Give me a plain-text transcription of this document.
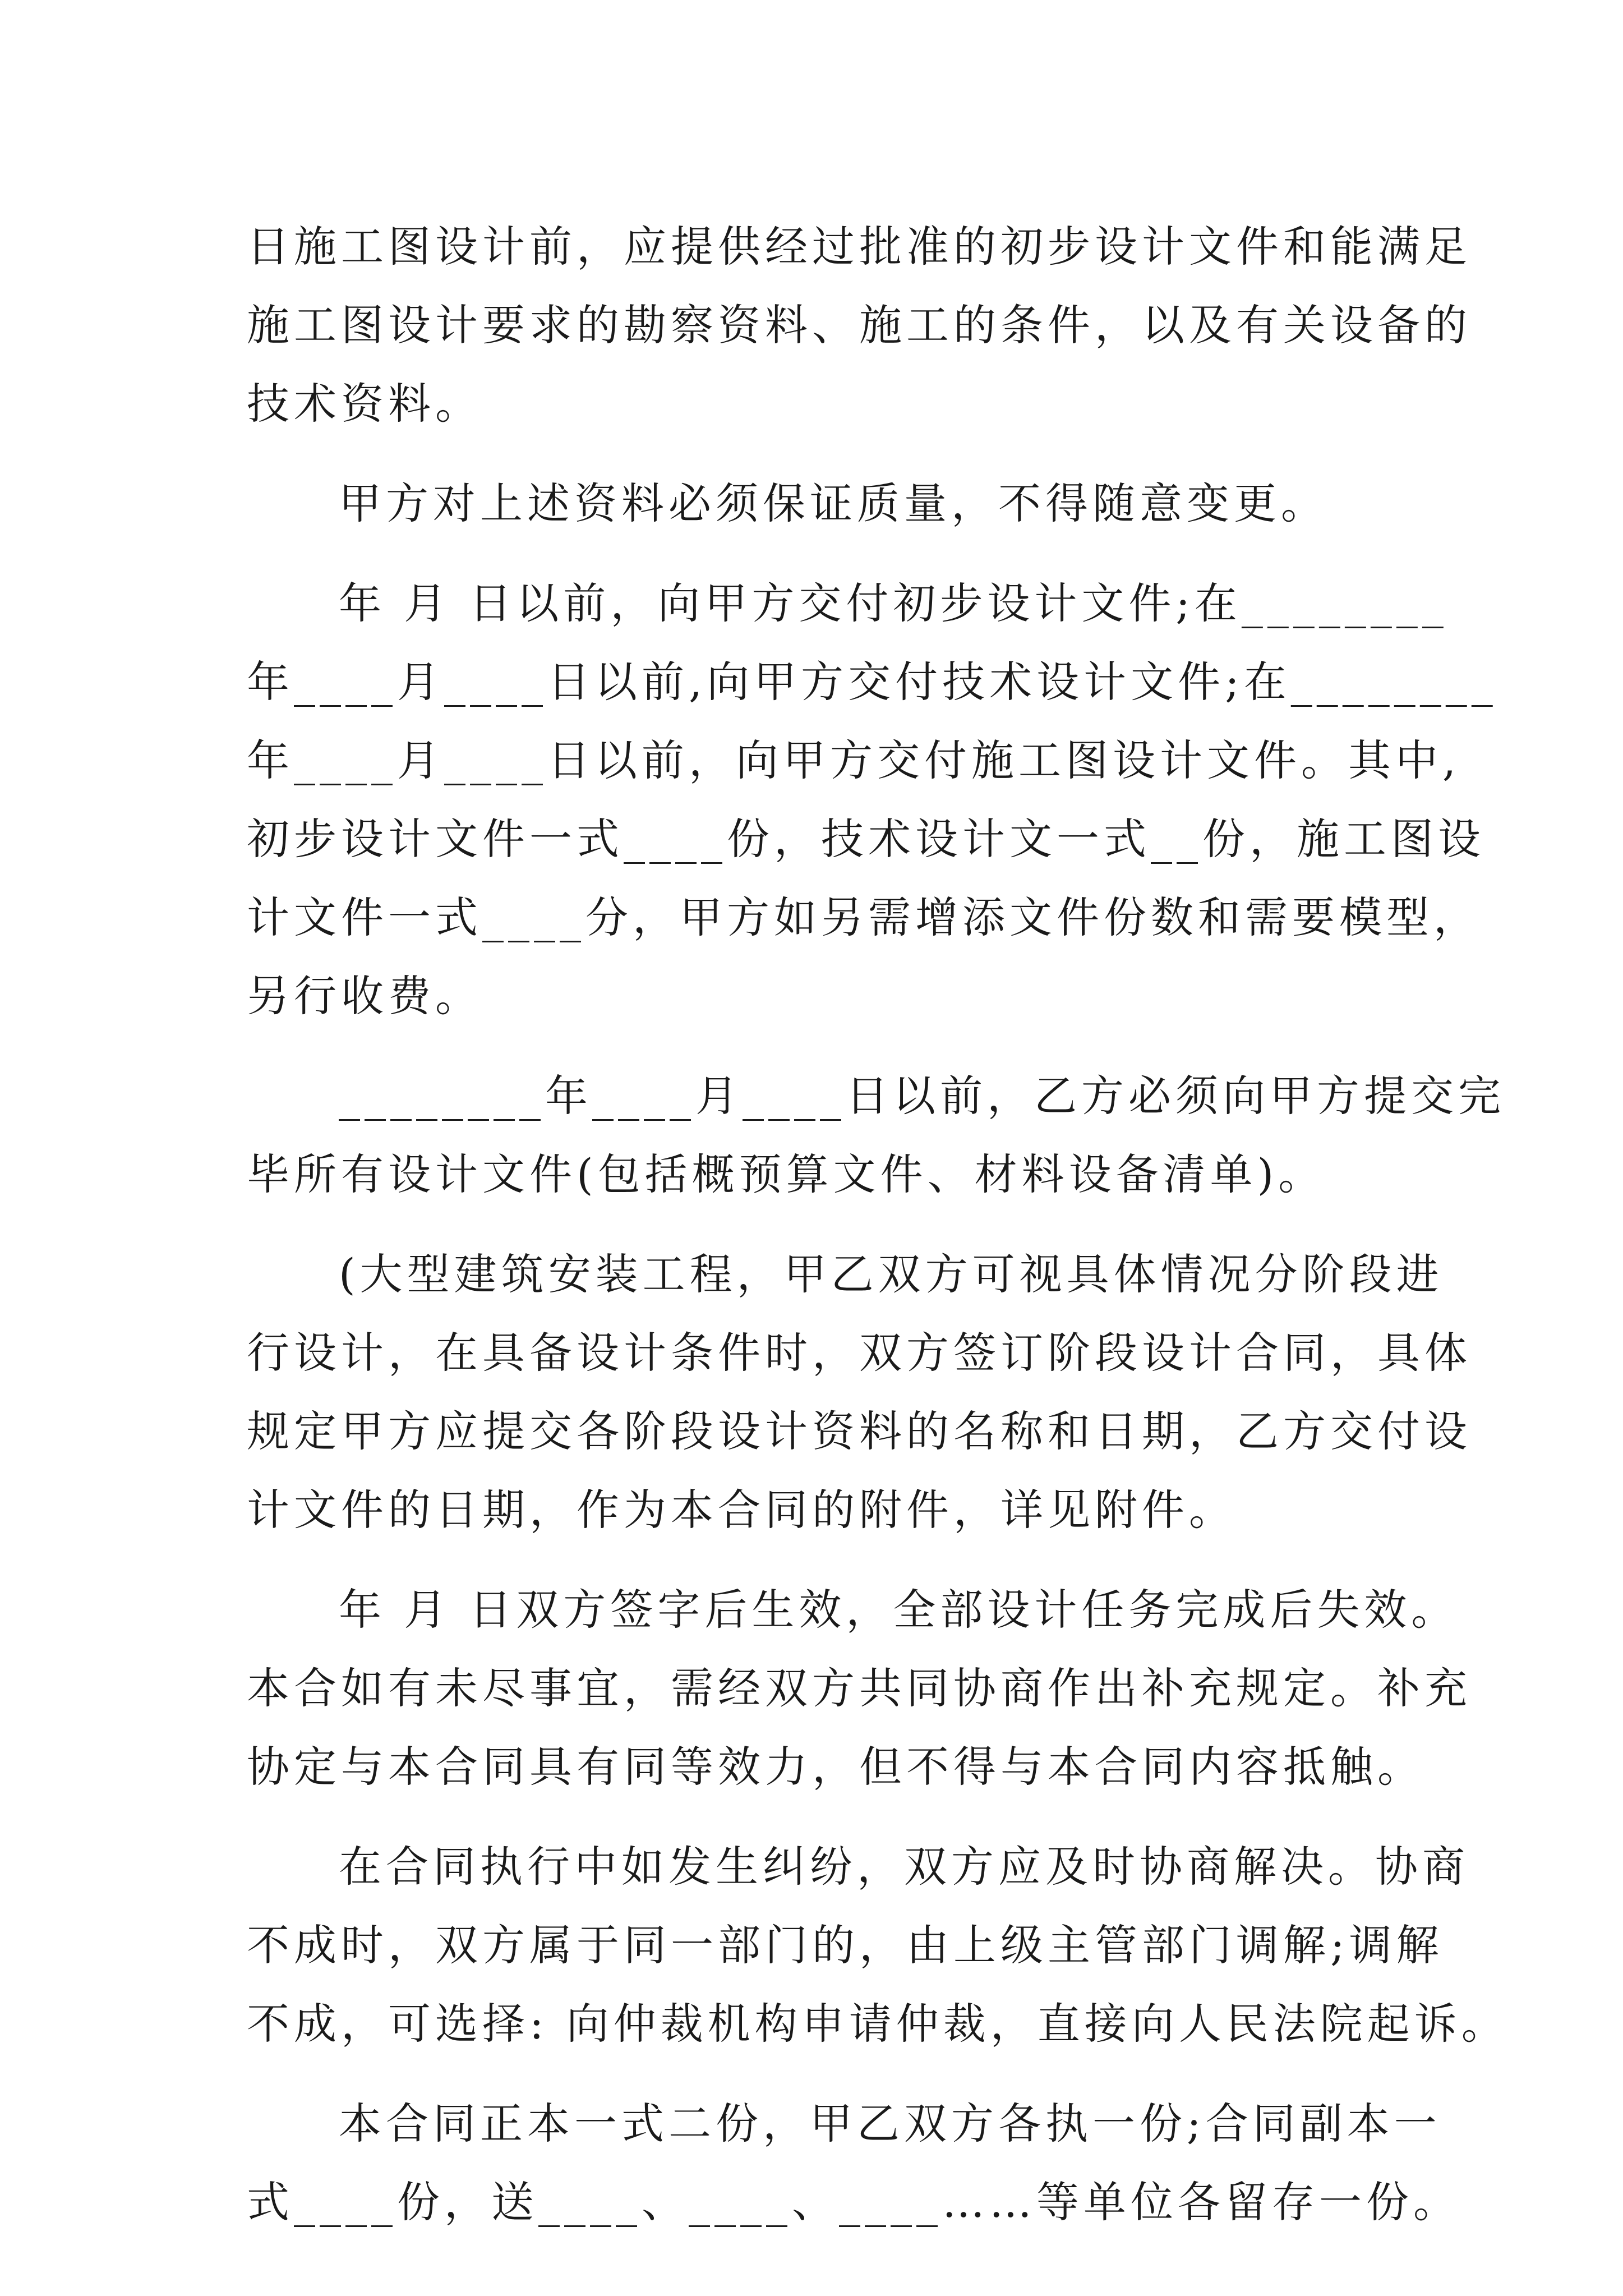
日施工图设计前，应提供经过批准的初步设计文件和能满足
施工图设计要求的勘察资料、施工的条件，以及有关设备的
技术资料。
甲方对上述资料必须保证质量，不得随意变更。
年 月 日以前，向甲方交付初步设计文件;在________
年____月____日以前,向甲方交付技术设计文件;在________
年____月____日以前，向甲方交付施工图设计文件。其中,
初步设计文件一式____份，技术设计文一式__份，施工图设
计文件一式____分，甲方如另需增添文件份数和需要模型，
另行收费。
________年____月____日以前，乙方必须向甲方提交完
毕所有设计文件(包括概预算文件、材料设备清单)。
(大型建筑安装工程，甲乙双方可视具体情况分阶段进
行设计，在具备设计条件时，双方签订阶段设计合同，具体
规定甲方应提交各阶段设计资料的名称和日期，乙方交付设
计文件的日期，作为本合同的附件，详见附件。
年 月 日双方签字后生效，全部设计任务完成后失效。
本合如有未尽事宜，需经双方共同协商作出补充规定。补充
协定与本合同具有同等效力，但不得与本合同内容抵触。
在合同执行中如发生纠纷，双方应及时协商解决。协商
不成时，双方属于同一部门的，由上级主管部门调解;调解
不成，可选择: 向仲裁机构申请仲裁，直接向人民法院起诉。
本合同正本一式二份，甲乙双方各执一份;合同副本一
式____份，送____、____、____……等单位各留存一份。
